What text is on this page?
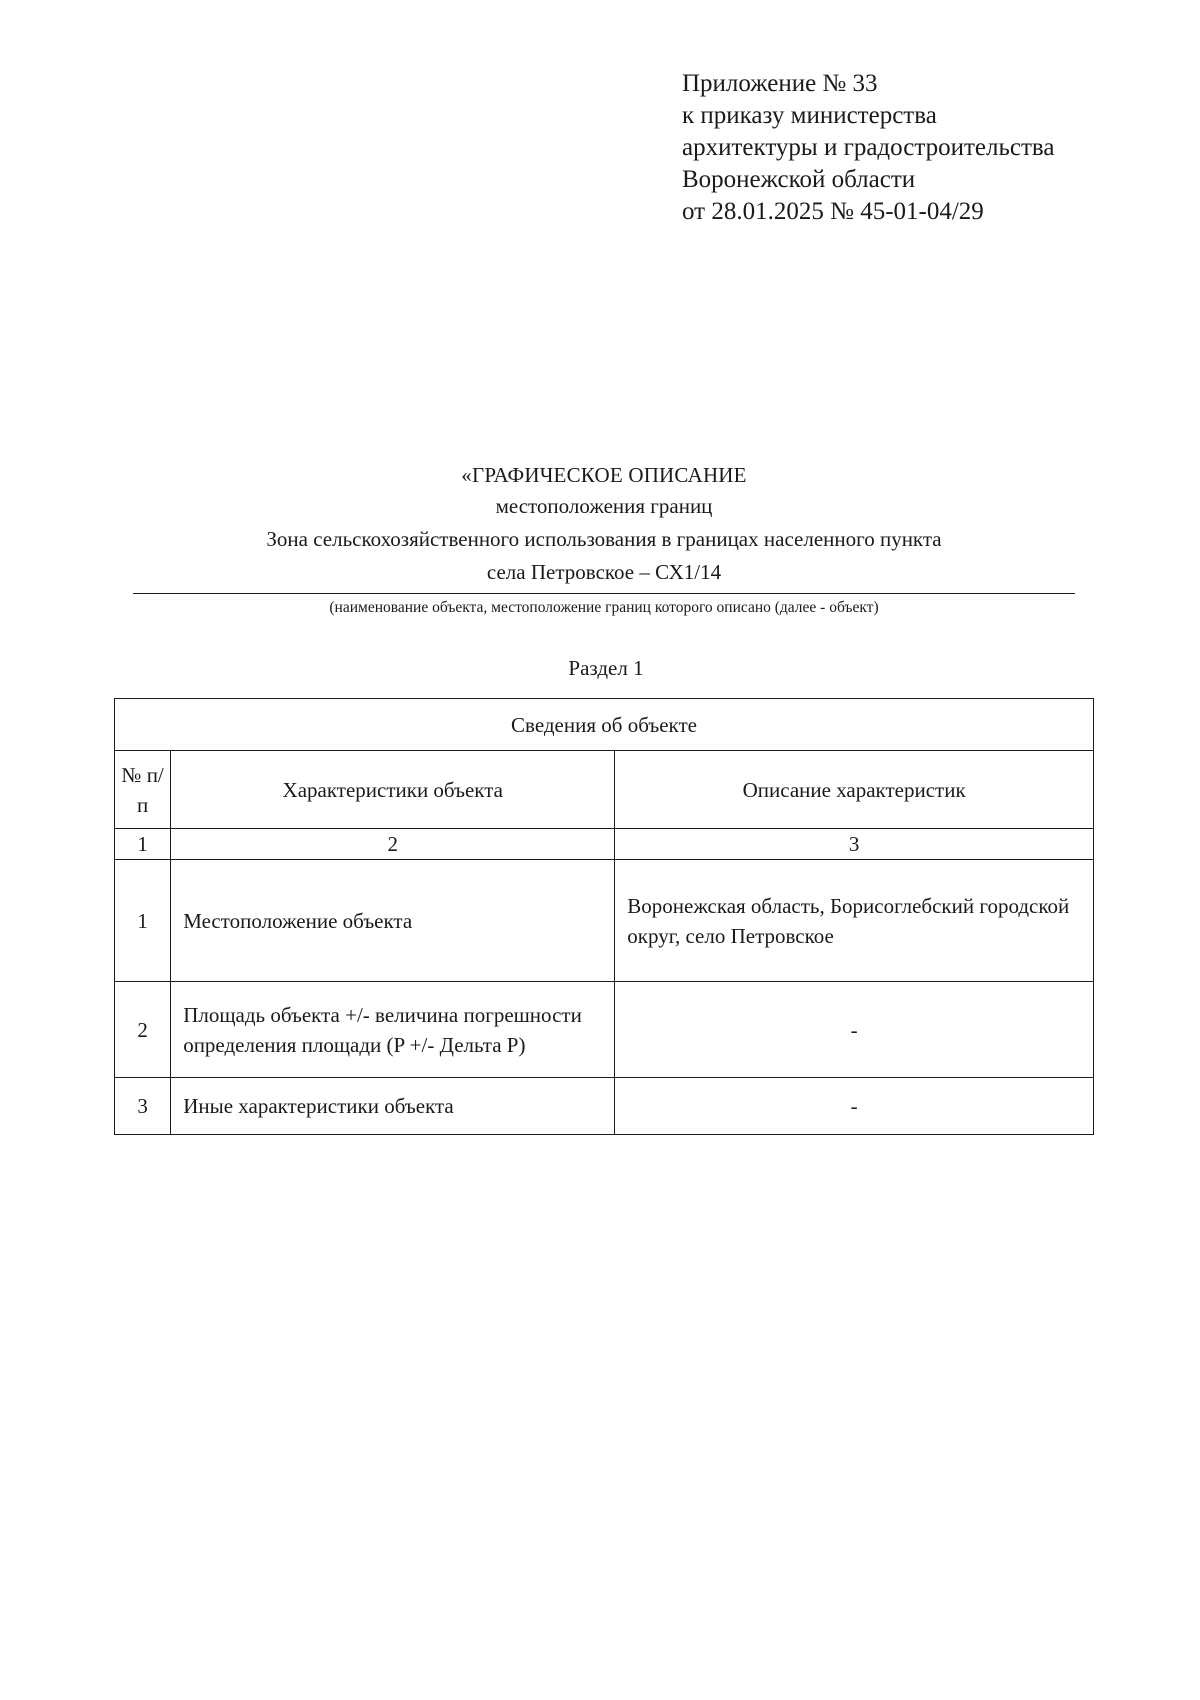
Приложение № 33
к приказу министерства
архитектуры и градостроительства
Воронежской области
от 28.01.2025 № 45-01-04/29
«ГРАФИЧЕСКОЕ ОПИСАНИЕ
местоположения границ
Зона сельскохозяйственного использования в границах населенного пункта
села Петровское – СХ1/14
(наименование объекта, местоположение границ которого описано (далее - объект)
Раздел 1
Сведения об объекте		
№ п/п	Характеристики объекта	Описание характеристик
1	2	3
1	Местоположение объекта	Воронежская область, Борисоглебский городской округ, село Петровское
2	Площадь объекта +/- величина погрешности определения площади (P +/- Дельта P)	-
3	Иные характеристики объекта	-
